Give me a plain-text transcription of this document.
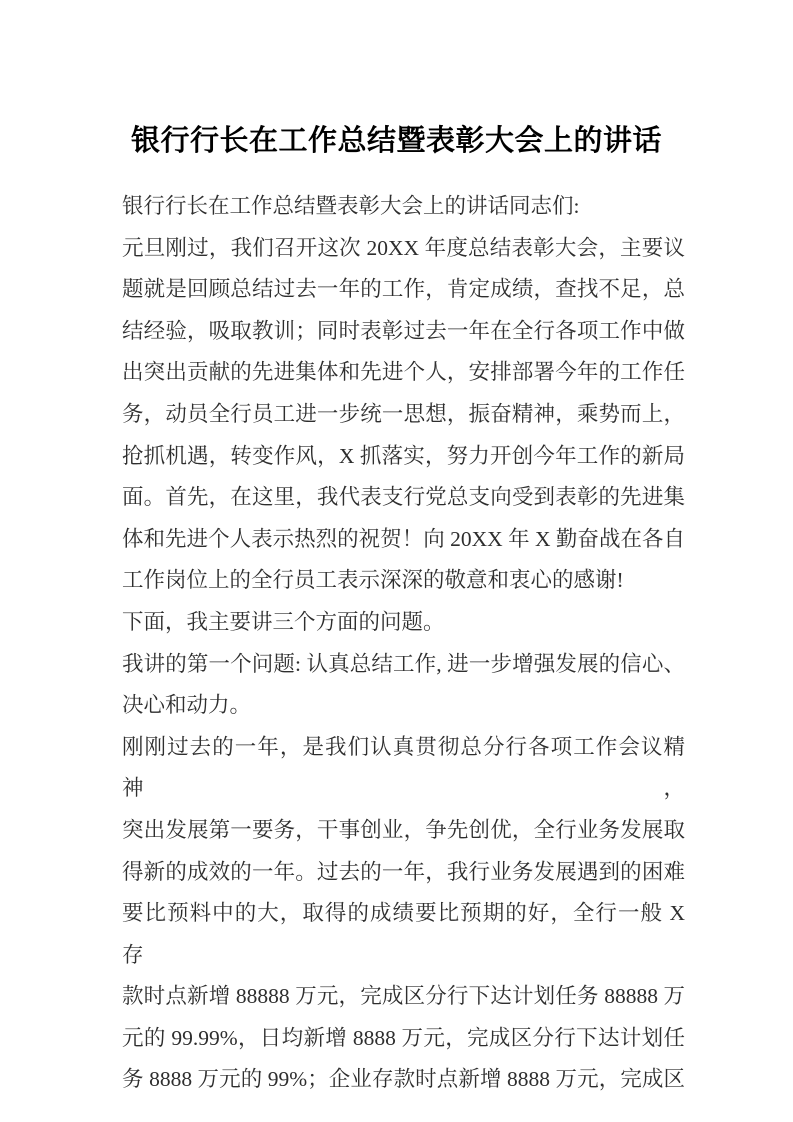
银行行长在工作总结暨表彰大会上的讲话
银行行长在工作总结暨表彰大会上的讲话同志们:
元旦刚过，我们召开这次 20XX 年度总结表彰大会，主要议
题就是回顾总结过去一年的工作，肯定成绩，查找不足，总
结经验，吸取教训；同时表彰过去一年在全行各项工作中做
出突出贡献的先进集体和先进个人，安排部署今年的工作任
务，动员全行员工进一步统一思想，振奋精神，乘势而上，
抢抓机遇，转变作风，X 抓落实，努力开创今年工作的新局
面。首先，在这里，我代表支行党总支向受到表彰的先进集
体和先进个人表示热烈的祝贺！向 20XX 年 X 勤奋战在各自
工作岗位上的全行员工表示深深的敬意和衷心的感谢!
下面，我主要讲三个方面的问题。
我讲的第一个问题: 认真总结工作, 进一步增强发展的信心、
决心和动力。
刚刚过去的一年，是我们认真贯彻总分行各项工作会议精神，
突出发展第一要务，干事创业，争先创优，全行业务发展取
得新的成效的一年。过去的一年，我行业务发展遇到的困难
要比预料中的大，取得的成绩要比预期的好，全行一般 X 存
款时点新增 88888 万元，完成区分行下达计划任务 88888 万
元的 99.99%，日均新增 8888 万元，完成区分行下达计划任
务 8888 万元的 99%；企业存款时点新增 8888 万元，完成区
